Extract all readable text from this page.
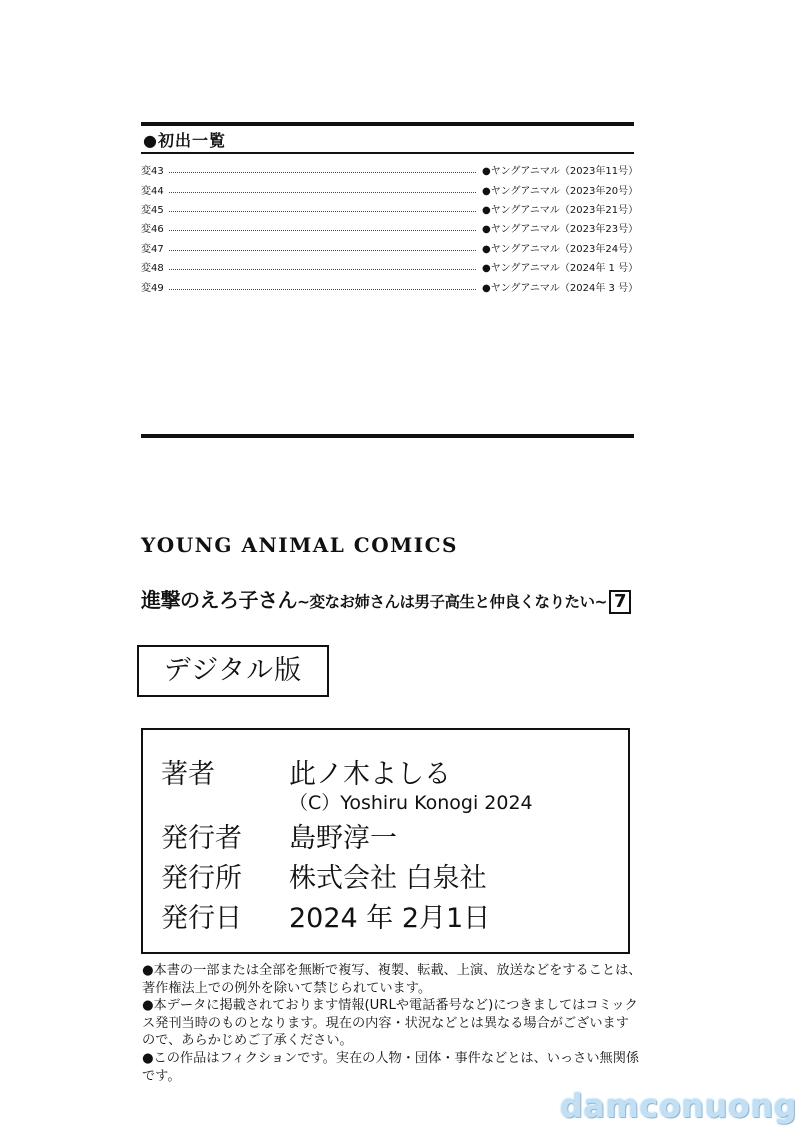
●初出一覧
変43	●ヤングアニマル（2023年11号）
変44	●ヤングアニマル（2023年20号）
変45	●ヤングアニマル（2023年21号）
変46	●ヤングアニマル（2023年23号）
変47	●ヤングアニマル（2023年24号）
変48	●ヤングアニマル（2024年 1 号）
変49	●ヤングアニマル（2024年 3 号）
YOUNG ANIMAL COMICS
進撃のえろ子さん~変なお姉さんは男子高生と仲良くなりたい~ 7
デジタル版
著者	此ノ木よしる
（C）Yoshiru Konogi 2024
発行者 島野淳一
発行所 株式会社 白泉社
発行日 2024 年 2月1日

●本書の一部または全部を無断で複写、複製、転載、上演、放送などをすることは、著作権法上での例外を除いて禁じられています。

●本データに掲載されております情報(URLや電話番号など)につきましてはコミックス発刊当時のものとなります。現在の内容・状況などとは異なる場合がございますので、あらかじめご了承ください。

●この作品はフィクションです。実在の人物・団体・事件などとは、いっさい無関係です。

damconuong
